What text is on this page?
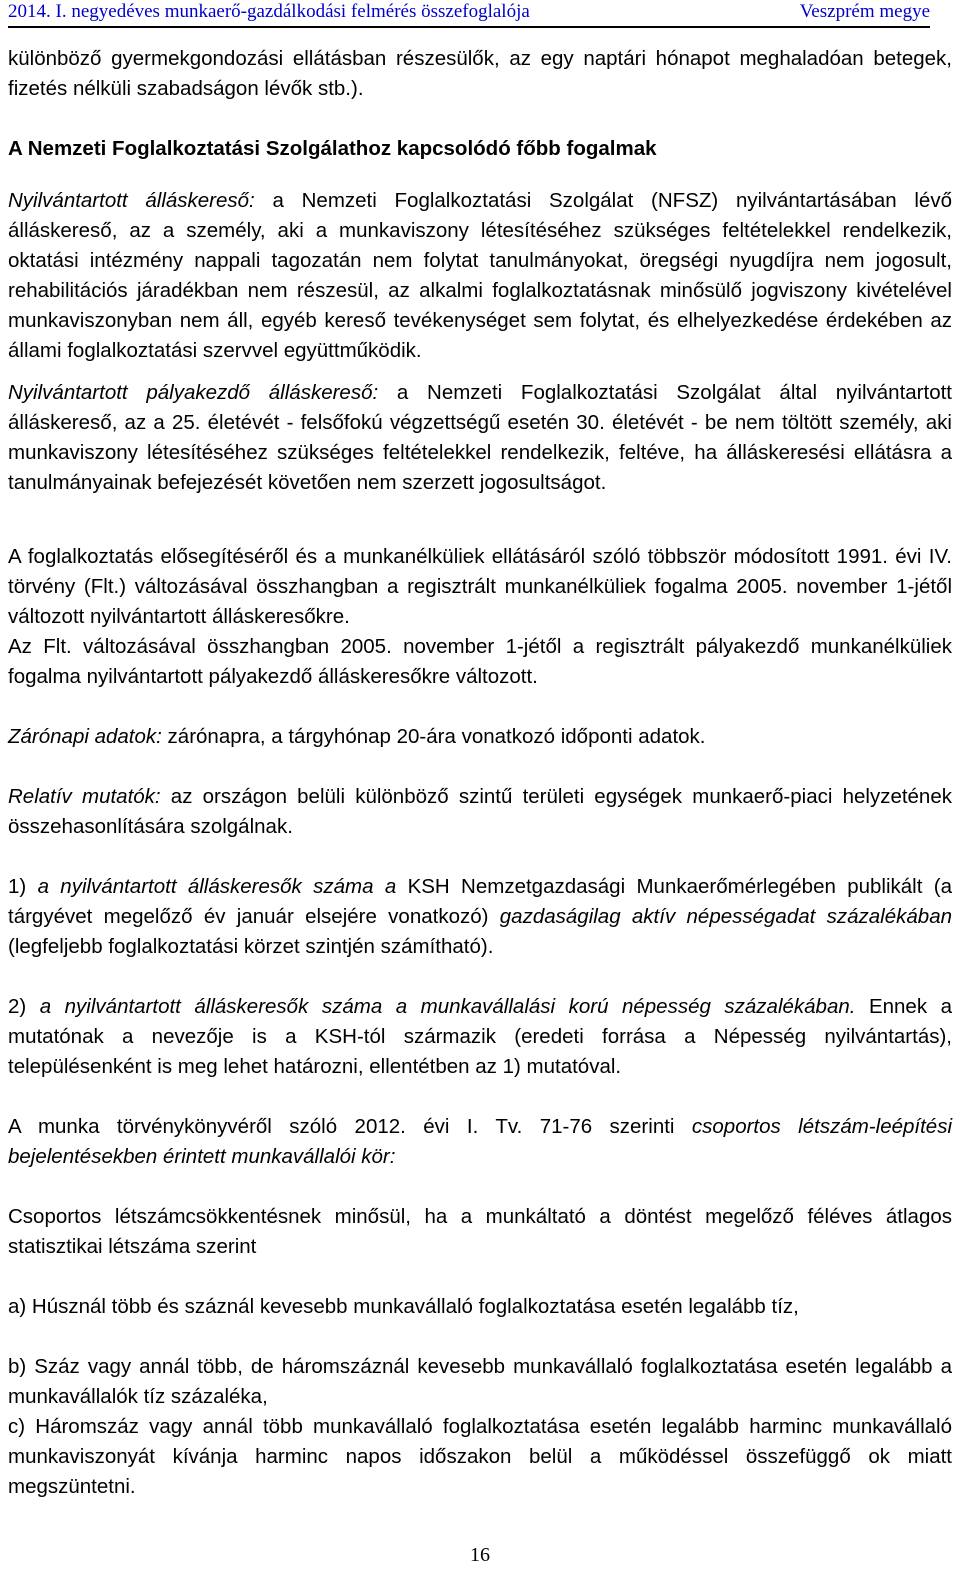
2014. I. negyedéves munkaerő-gazdálkodási felmérés összefoglalója	Veszprém megye

különböző gyermekgondozási ellátásban részesülők, az egy naptári hónapot meghaladóan betegek, fizetés nélküli szabadságon lévők stb.).

A Nemzeti Foglalkoztatási Szolgálathoz kapcsolódó főbb fogalmak

Nyilvántartott álláskereső: a Nemzeti Foglalkoztatási Szolgálat (NFSZ) nyilvántartásában lévő álláskereső, az a személy, aki a munkaviszony létesítéséhez szükséges feltételekkel rendelkezik, oktatási intézmény nappali tagozatán nem folytat tanulmányokat, öregségi nyugdíjra nem jogosult, rehabilitációs járadékban nem részesül, az alkalmi foglalkoztatásnak minősülő jogviszony kivételével munkaviszonyban nem áll, egyéb kereső tevékenységet sem folytat, és elhelyezkedése érdekében az állami foglalkoztatási szervvel együttműködik.

Nyilvántartott pályakezdő álláskereső: a Nemzeti Foglalkoztatási Szolgálat által nyilvántartott álláskereső, az a 25. életévét - felsőfokú végzettségű esetén 30. életévét - be nem töltött személy, aki munkaviszony létesítéséhez szükséges feltételekkel rendelkezik, feltéve, ha álláskeresési ellátásra a tanulmányainak befejezését követően nem szerzett jogosultságot.

A foglalkoztatás elősegítéséről és a munkanélküliek ellátásáról szóló többször módosított 1991. évi IV. törvény (Flt.) változásával összhangban a regisztrált munkanélküliek fogalma 2005. november 1-jétől változott nyilvántartott álláskeresőkre.

Az Flt. változásával összhangban 2005. november 1-jétől a regisztrált pályakezdő munkanélküliek fogalma nyilvántartott pályakezdő álláskeresőkre változott.

Zárónapi adatok: zárónapra, a tárgyhónap 20-ára vonatkozó időponti adatok.

Relatív mutatók: az országon belüli különböző szintű területi egységek munkaerő-piaci helyzetének összehasonlítására szolgálnak.

1) a nyilvántartott álláskeresők száma a KSH Nemzetgazdasági Munkaerőmérlegében publikált (a tárgyévet megelőző év január elsejére vonatkozó) gazdaságilag aktív népességadat százalékában (legfeljebb foglalkoztatási körzet szintjén számítható).

2) a nyilvántartott álláskeresők száma a munkavállalási korú népesség százalékában. Ennek a mutatónak a nevezője is a KSH-tól származik (eredeti forrása a Népesség nyilvántartás), településenként is meg lehet határozni, ellentétben az 1) mutatóval.

A munka törvénykönyvéről szóló 2012. évi I. Tv. 71-76 szerinti csoportos létszám-leépítési bejelentésekben érintett munkavállalói kör:

Csoportos létszámcsökkentésnek minősül, ha a munkáltató a döntést megelőző féléves átlagos statisztikai létszáma szerint

a) Húsznál több és száznál kevesebb munkavállaló foglalkoztatása esetén legalább tíz,

b) Száz vagy annál több, de háromszáznál kevesebb munkavállaló foglalkoztatása esetén legalább a munkavállalók tíz százaléka,

c) Háromszáz vagy annál több munkavállaló foglalkoztatása esetén legalább harminc munkavállaló munkaviszonyát kívánja harminc napos időszakon belül a működéssel összefüggő ok miatt megszüntetni.

16
